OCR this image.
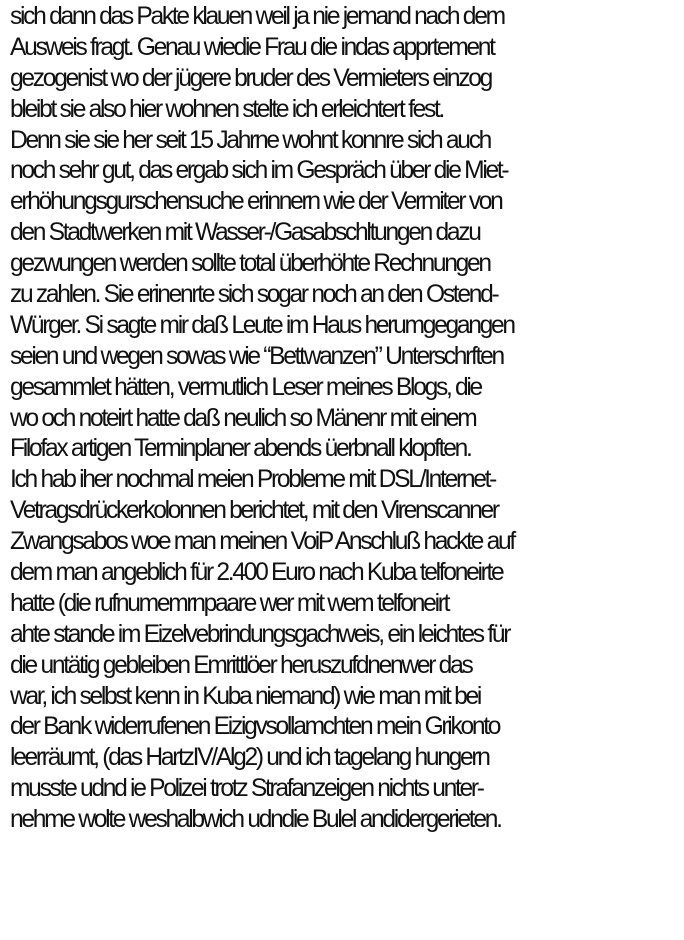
sich dann das Pakte klauen weil ja nie jemand nach dem
Ausweis fragt. Genau wiedie Frau die indas apprtement
gezogenist wo der jügere bruder des Vermieters einzog
bleibt sie also hier wohnen stelte ich erleichtert fest.
Denn sie sie her seit 15 Jahrne wohnt konnre sich auch
noch sehr gut, das ergab sich im Gespräch über die Miet-
erhöhungsgurschensuche erinnern wie der Vermiter von
den Stadtwerken mit Wasser-/Gasabschltungen dazu
gezwungen werden sollte total überhöhte Rechnungen
zu zahlen. Sie erinenrte sich sogar noch an den Ostend-
Würger. Si sagte mir daß Leute im Haus herumgegangen
seien und wegen sowas wie “Bettwanzen” Unterschrften
gesammlet hätten, vermutlich Leser meines Blogs, die
wo och noteirt hatte daß neulich so Mänenr mit einem
Filofax artigen Terminplaner abends üerbnall klopften.
Ich hab iher nochmal meien Probleme mit DSL/Internet-
Vetragsdrückerkolonnen berichtet, mit den Virenscanner
Zwangsabos woe man meinen VoiP Anschluß hackte auf
dem man angeblich für 2.400 Euro nach Kuba telfoneirte
hatte (die rufnumemrnpaare wer mit wem telfoneirt
ahte stande im Eizelvebrindungsgachweis, ein leichtes für
die untätig gebleiben Emrittlöer heruszufdnenwer das
war, ich selbst kenn in Kuba niemand) wie man mit bei
der Bank widerrufenen Eizigvsollamchten mein Grikonto
leerräumt, (das HartzIV/Alg2) und ich tagelang hungern
musste udnd ie Polizei trotz Strafanzeigen nichts unter-
nehme wolte weshalbwich udndie Bulel andidergerieten.
